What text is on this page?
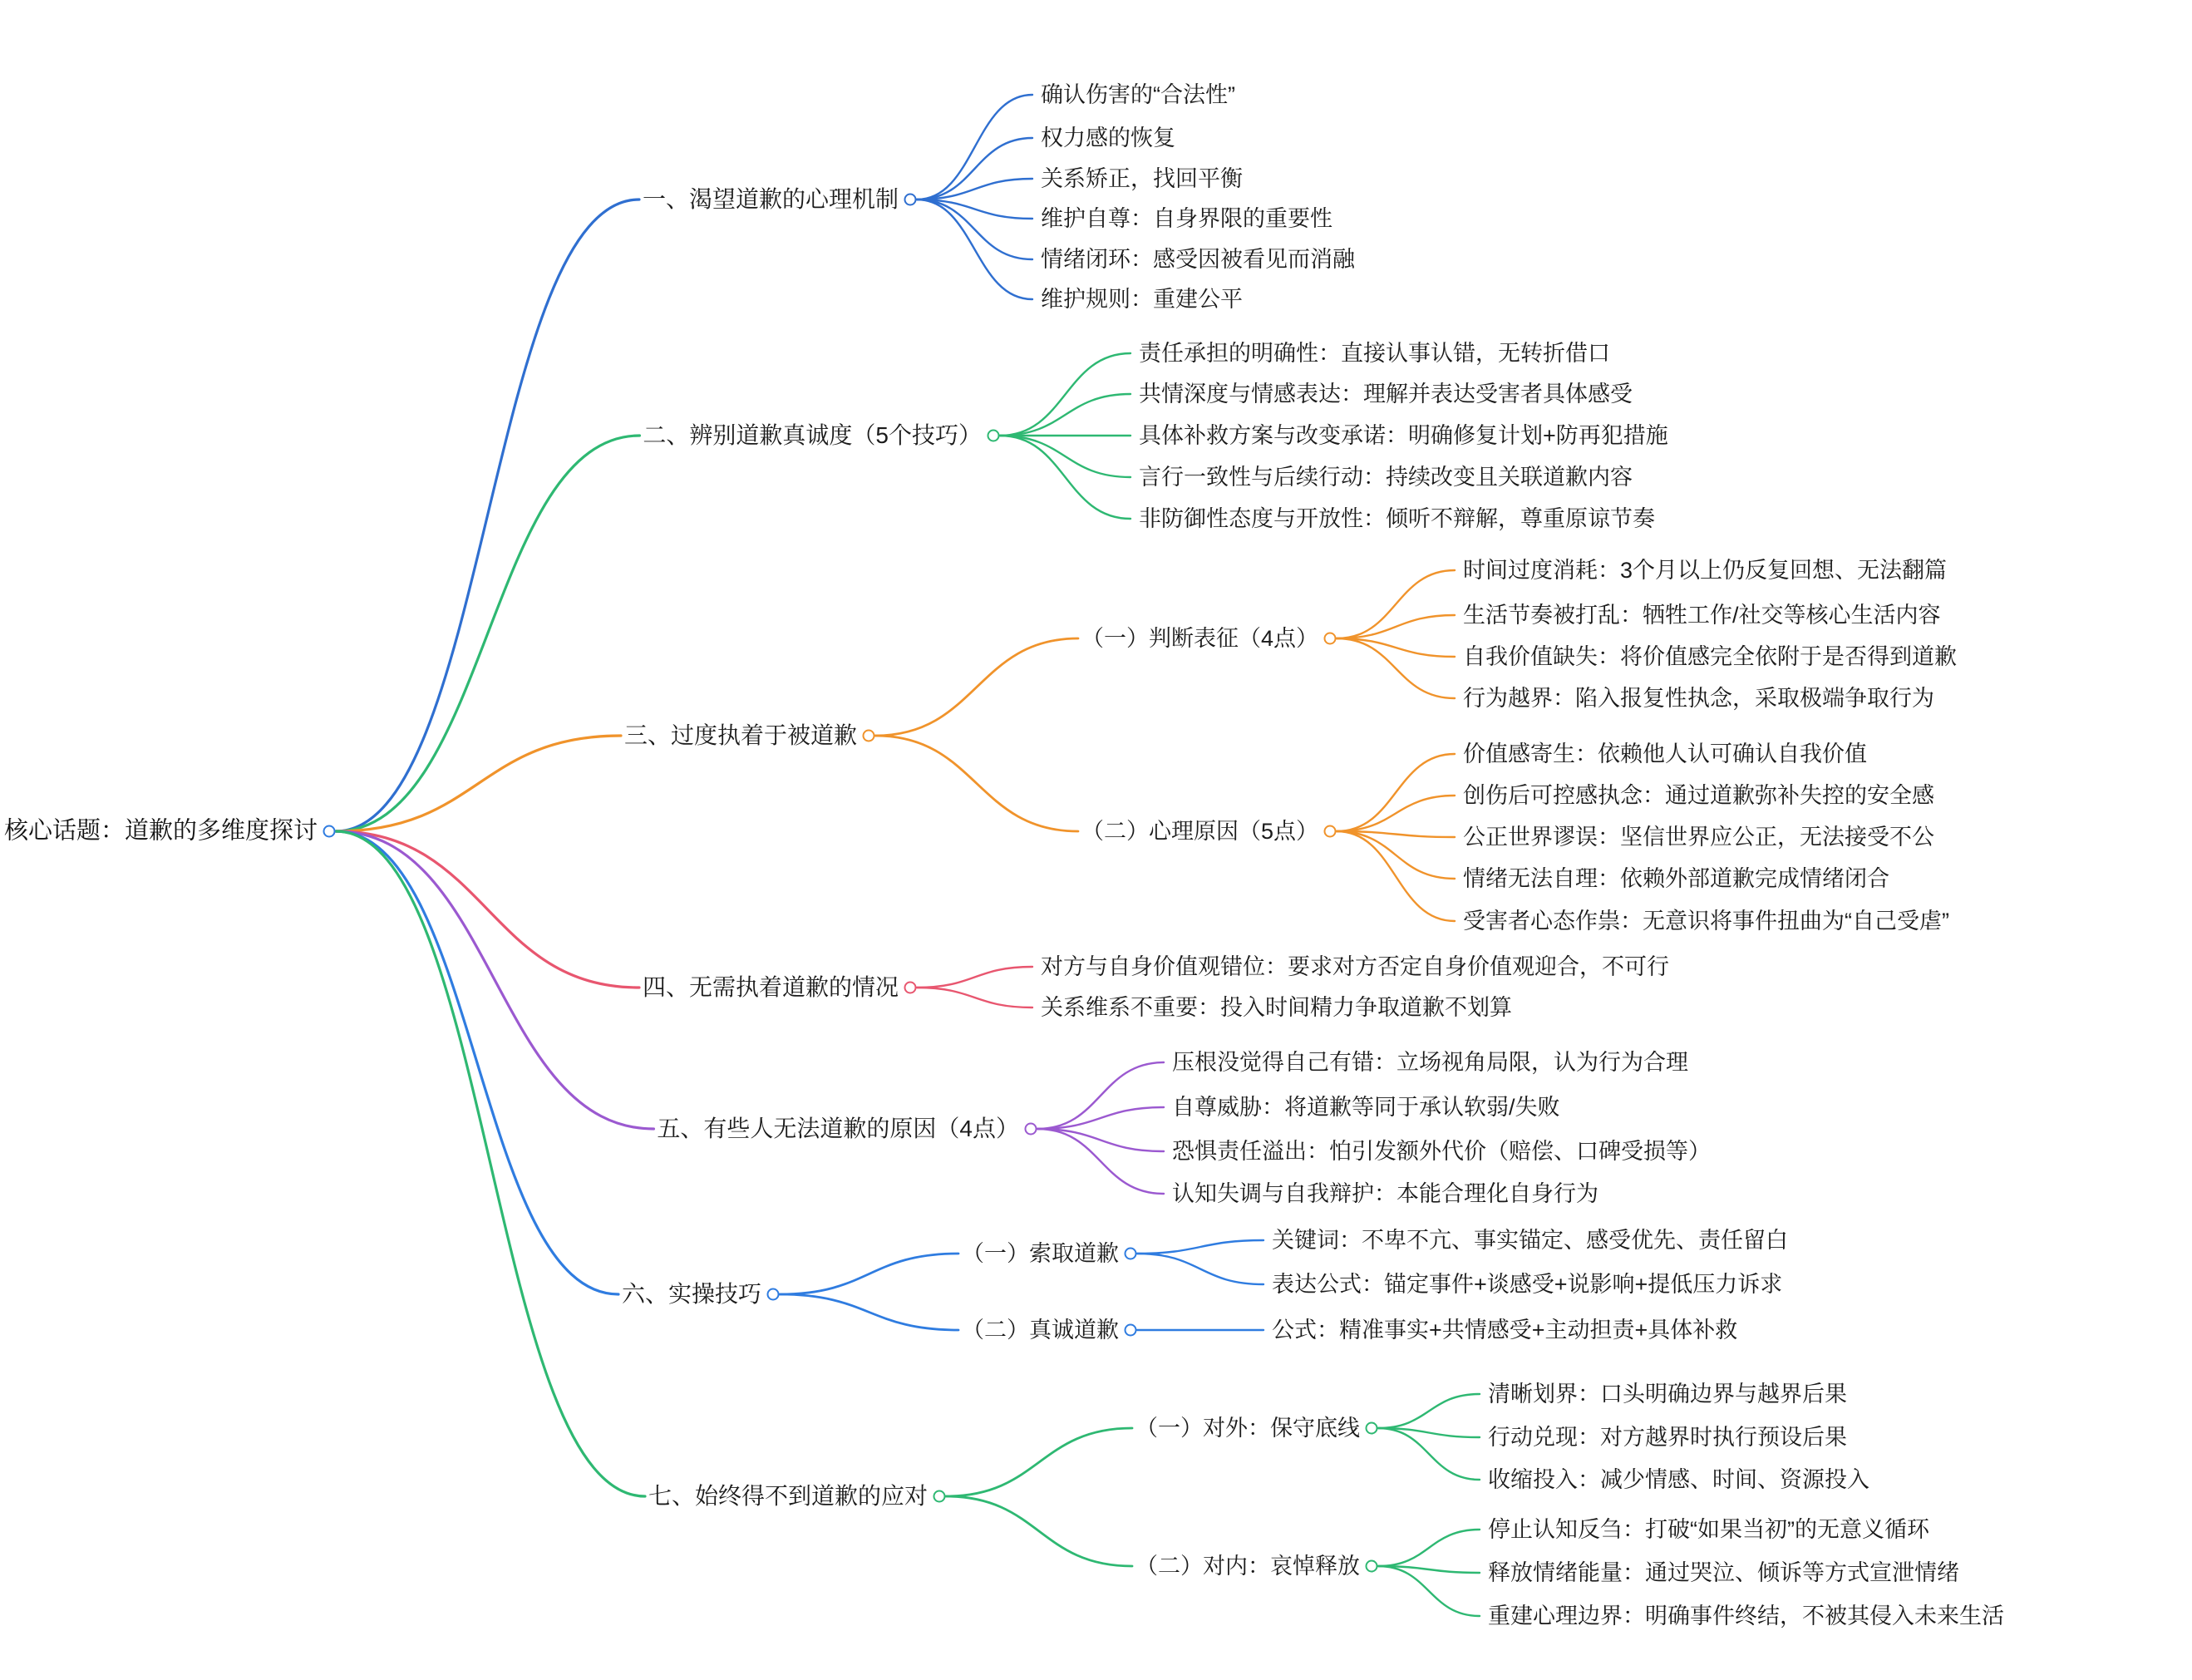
核心话题：道歉的多维度探讨
一、渴望道歉的心理机制
确认伤害的“合法性”
权力感的恢复
关系矫正，找回平衡
维护自尊：自身界限的重要性
情绪闭环：感受因被看见而消融
维护规则：重建公平
二、辨别道歉真诚度（5个技巧）
责任承担的明确性：直接认事认错，无转折借口
共情深度与情感表达：理解并表达受害者具体感受
具体补救方案与改变承诺：明确修复计划+防再犯措施
言行一致性与后续行动：持续改变且关联道歉内容
非防御性态度与开放性：倾听不辩解，尊重原谅节奏
三、过度执着于被道歉
（一）判断表征（4点）
时间过度消耗：3个月以上仍反复回想、无法翻篇
生活节奏被打乱：牺牲工作/社交等核心生活内容
自我价值缺失：将价值感完全依附于是否得到道歉
行为越界：陷入报复性执念，采取极端争取行为
（二）心理原因（5点）
价值感寄生：依赖他人认可确认自我价值
创伤后可控感执念：通过道歉弥补失控的安全感
公正世界谬误：坚信世界应公正，无法接受不公
情绪无法自理：依赖外部道歉完成情绪闭合
受害者心态作祟：无意识将事件扭曲为“自己受虐”
四、无需执着道歉的情况
对方与自身价值观错位：要求对方否定自身价值观迎合，不可行
关系维系不重要：投入时间精力争取道歉不划算
五、有些人无法道歉的原因（4点）
压根没觉得自己有错：立场视角局限，认为行为合理
自尊威胁：将道歉等同于承认软弱/失败
恐惧责任溢出：怕引发额外代价（赔偿、口碑受损等）
认知失调与自我辩护：本能合理化自身行为
六、实操技巧
（一）索取道歉
关键词：不卑不亢、事实锚定、感受优先、责任留白
表达公式：锚定事件+谈感受+说影响+提低压力诉求
（二）真诚道歉	公式：精准事实+共情感受+主动担责+具体补救
七、始终得不到道歉的应对
（一）对外：保守底线
清晰划界：口头明确边界与越界后果
行动兑现：对方越界时执行预设后果
收缩投入：减少情感、时间、资源投入
（二）对内：哀悼释放
停止认知反刍：打破“如果当初”的无意义循环
释放情绪能量：通过哭泣、倾诉等方式宣泄情绪
重建心理边界：明确事件终结，不被其侵入未来生活
